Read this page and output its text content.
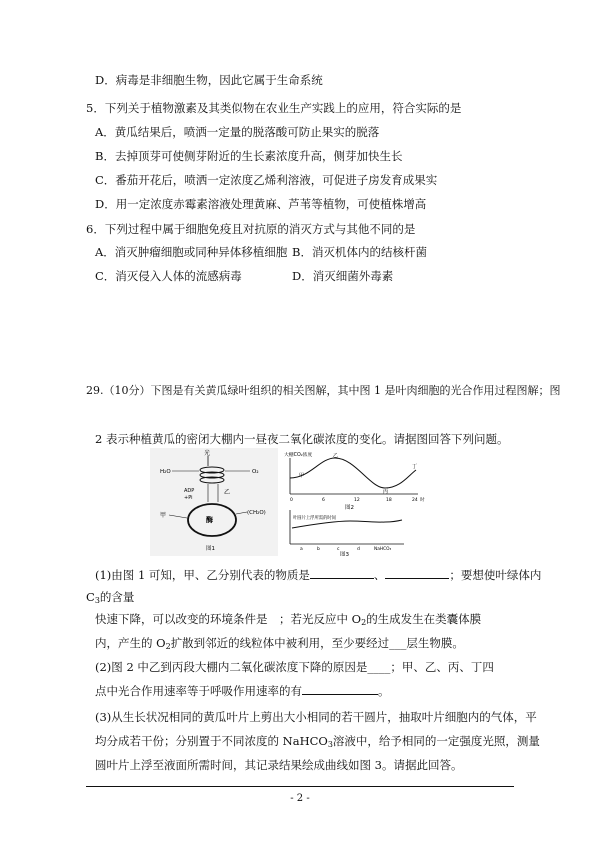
D．病毒是非细胞生物，因此它属于生命系统
5．下列关于植物激素及其类似物在农业生产实践上的应用，符合实际的是
A．黄瓜结果后，喷洒一定量的脱落酸可防止果实的脱落
B．去掉顶芽可使侧芽附近的生长素浓度升高，侧芽加快生长
C．番茄开花后，喷洒一定浓度乙烯利溶液，可促进子房发育成果实
D．用一定浓度赤霉素溶液处理黄麻、芦苇等植物，可使植株增高
6．下列过程中属于细胞免疫且对抗原的消灭方式与其他不同的是
A．消灭肿瘤细胞或同种异体移植细胞 B．消灭机体内的结核杆菌
C．消灭侵入人体的流感病毒	D．消灭细菌外毒素
29.（10分）下图是有关黄瓜绿叶组织的相关图解，其中图 1 是叶肉细胞的光合作用过程图解；图
2 表示种植黄瓜的密闭大棚内一昼夜二氧化碳浓度的变化。请据图回答下列问题。
光
H₂O	O₂
ADP
+Pi
乙
酶
甲	(CH₂O)
图1
大棚CO₂浓度
甲
乙
丙
丁
0	6	12	18	24 时
图2
叶圆片上浮所需的时间
a	b	c	d	NaHCO₃
图3
(1)由图 1 可知，甲、乙分别代表的物质是	、	；要想使叶绿体内
$C_3$的含量
快速下降，可以改变的环境条件是　；若光反应中 $O_2$的生成发生在类囊体膜
内，产生的 $O_2$扩散到邻近的线粒体中被利用，至少要经过___层生物膜。
(2)图 2 中乙到丙段大棚内二氧化碳浓度下降的原因是____；甲、乙、丙、丁四
点中光合作用速率等于呼吸作用速率的有	。
(3)从生长状况相同的黄瓜叶片上剪出大小相同的若干圆片，抽取叶片细胞内的气体，平
均分成若干份；分别置于不同浓度的 NaHCO$_3$溶液中，给予相同的一定强度光照，测量
圆叶片上浮至液面所需时间，其记录结果绘成曲线如图 3。请据此回答。
- 2 -
